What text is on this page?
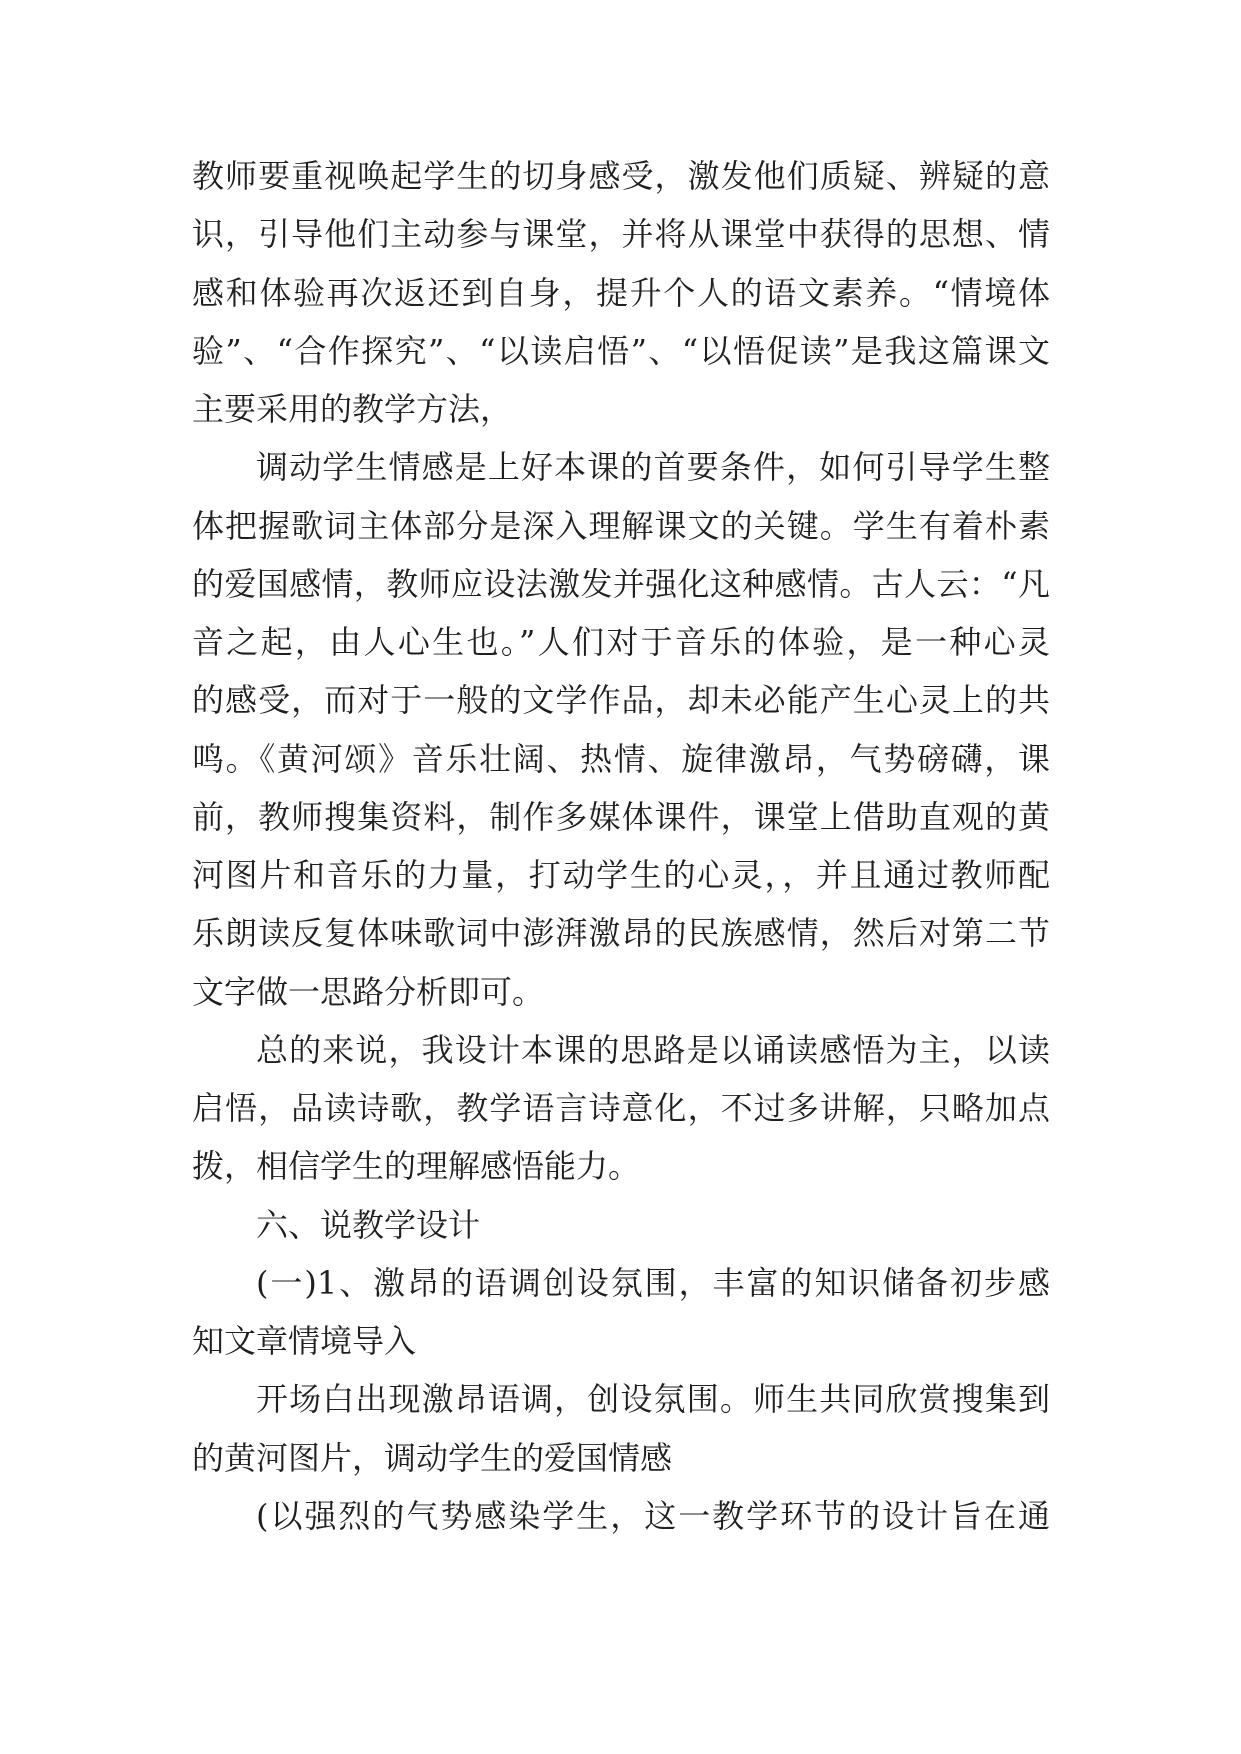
教师要重视唤起学生的切身感受，激发他们质疑、辨疑的意
识，引导他们主动参与课堂，并将从课堂中获得的思想、情
感和体验再次返还到自身，提升个人的语文素养。“情境体
验”、“合作探究”、“以读启悟”、“以悟促读”是我这篇课文
主要采用的教学方法，
调动学生情感是上好本课的首要条件，如何引导学生整
体把握歌词主体部分是深入理解课文的关键。学生有着朴素
的爱国感情，教师应设法激发并强化这种感情。古人云：“凡
音之起，由人心生也。”人们对于音乐的体验，是一种心灵
的感受，而对于一般的文学作品，却未必能产生心灵上的共
鸣。《黄河颂》音乐壮阔、热情、旋律激昂，气势磅礴，课
前，教师搜集资料，制作多媒体课件，课堂上借助直观的黄
河图片和音乐的力量，打动学生的心灵，，并且通过教师配
乐朗读反复体味歌词中澎湃激昂的民族感情，然后对第二节
文字做一思路分析即可。
总的来说，我设计本课的思路是以诵读感悟为主，以读
启悟，品读诗歌，教学语言诗意化，不过多讲解，只略加点
拨，相信学生的理解感悟能力。
六、说教学设计
(一)1、激昂的语调创设氛围，丰富的知识储备初步感
知文章情境导入
开场白出现激昂语调，创设氛围。师生共同欣赏搜集到
的黄河图片，调动学生的爱国情感
(以强烈的气势感染学生，这一教学环节的设计旨在通
